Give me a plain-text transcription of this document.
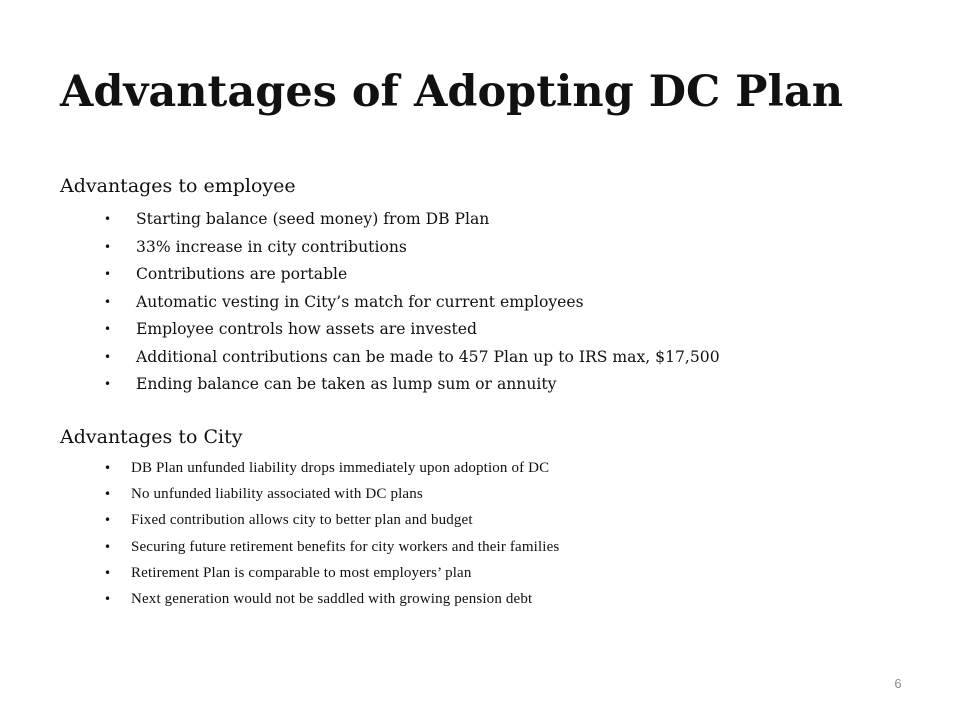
Advantages of Adopting DC Plan
Advantages to employee
• Starting balance (seed money) from DB Plan
• 33% increase in city contributions
• Contributions are portable
• Automatic vesting in City’s match for current employees
• Employee controls how assets are invested
• Additional contributions can be made to 457 Plan up to IRS max, $17,500
• Ending balance can be taken as lump sum or annuity
Advantages to City
• DB Plan unfunded liability drops immediately upon adoption of DC
• No unfunded liability associated with DC plans
• Fixed contribution allows city to better plan and budget
• Securing future retirement benefits for city workers and their families
• Retirement Plan is comparable to most employers’ plan
• Next generation would not be saddled with growing pension debt
6
